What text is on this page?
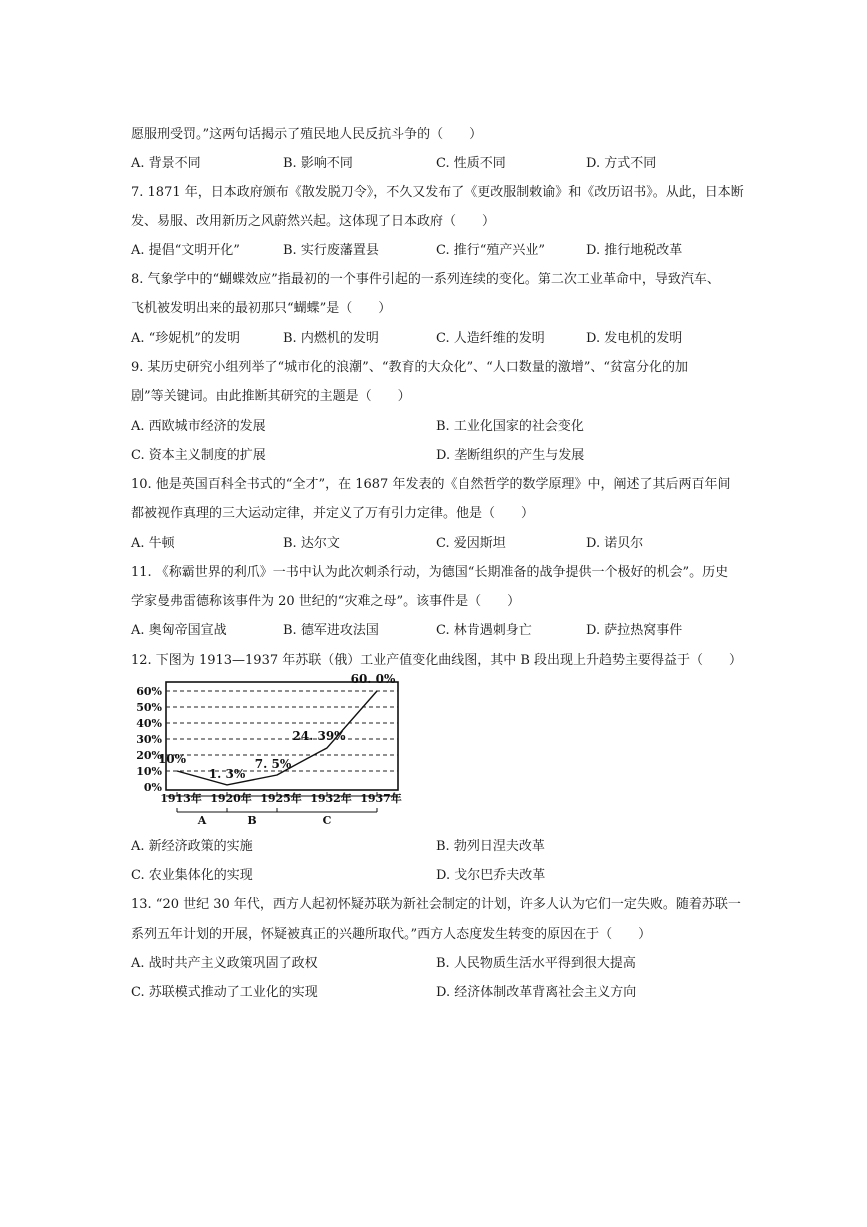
愿服刑受罚。”这两句话揭示了殖民地人民反抗斗争的（　　）
A. 背景不同	B. 影响不同	C. 性质不同	D. 方式不同
7. 1871 年，日本政府颁布《散发脱刀令》，不久又发布了《更改服制敕谕》和《改历诏书》。从此，日本断
发、易服、改用新历之风蔚然兴起。这体现了日本政府（　　）
A. 提倡“文明开化”	B. 实行废藩置县	C. 推行“殖产兴业”	D. 推行地税改革
8. 气象学中的“蝴蝶效应”指最初的一个事件引起的一系列连续的变化。第二次工业革命中，导致汽车、
飞机被发明出来的最初那只“蝴蝶”是（　　）
A. “珍妮机”的发明	B. 内燃机的发明	C. 人造纤维的发明	D. 发电机的发明
9. 某历史研究小组列举了“城市化的浪潮”、“教育的大众化”、“人口数量的激增”、“贫富分化的加
剧”等关键词。由此推断其研究的主题是（　　）
A. 西欧城市经济的发展	B. 工业化国家的社会变化
C. 资本主义制度的扩展	D. 垄断组织的产生与发展
10. 他是英国百科全书式的“全才”，在 1687 年发表的《自然哲学的数学原理》中，阐述了其后两百年间
都被视作真理的三大运动定律，并定义了万有引力定律。他是（　　）
A. 牛顿	B. 达尔文	C. 爱因斯坦	D. 诺贝尔
11. 《称霸世界的利爪》一书中认为此次刺杀行动，为德国“长期准备的战争提供一个极好的机会”。历史
学家曼弗雷德称该事件为 20 世纪的“灾难之母”。该事件是（　　）
A. 奥匈帝国宣战	B. 德军进攻法国	C. 林肯遇刺身亡	D. 萨拉热窝事件
12. 下图为 1913—1937 年苏联（俄）工业产值变化曲线图，其中 B 段出现上升趋势主要得益于（　　）
0%
10%
20%
30%
40%
50%
60%
1913年 1920年 1925年 1932年 1937年
10%
1. 3%
7. 5%
24. 39%
60. 0%
A	B	C
A. 新经济政策的实施	B. 勃列日涅夫改革
C. 农业集体化的实现	D. 戈尔巴乔夫改革
13. “20 世纪 30 年代，西方人起初怀疑苏联为新社会制定的计划，许多人认为它们一定失败。随着苏联一
系列五年计划的开展，怀疑被真正的兴趣所取代。”西方人态度发生转变的原因在于（　　）
A. 战时共产主义政策巩固了政权	B. 人民物质生活水平得到很大提高
C. 苏联模式推动了工业化的实现	D. 经济体制改革背离社会主义方向
